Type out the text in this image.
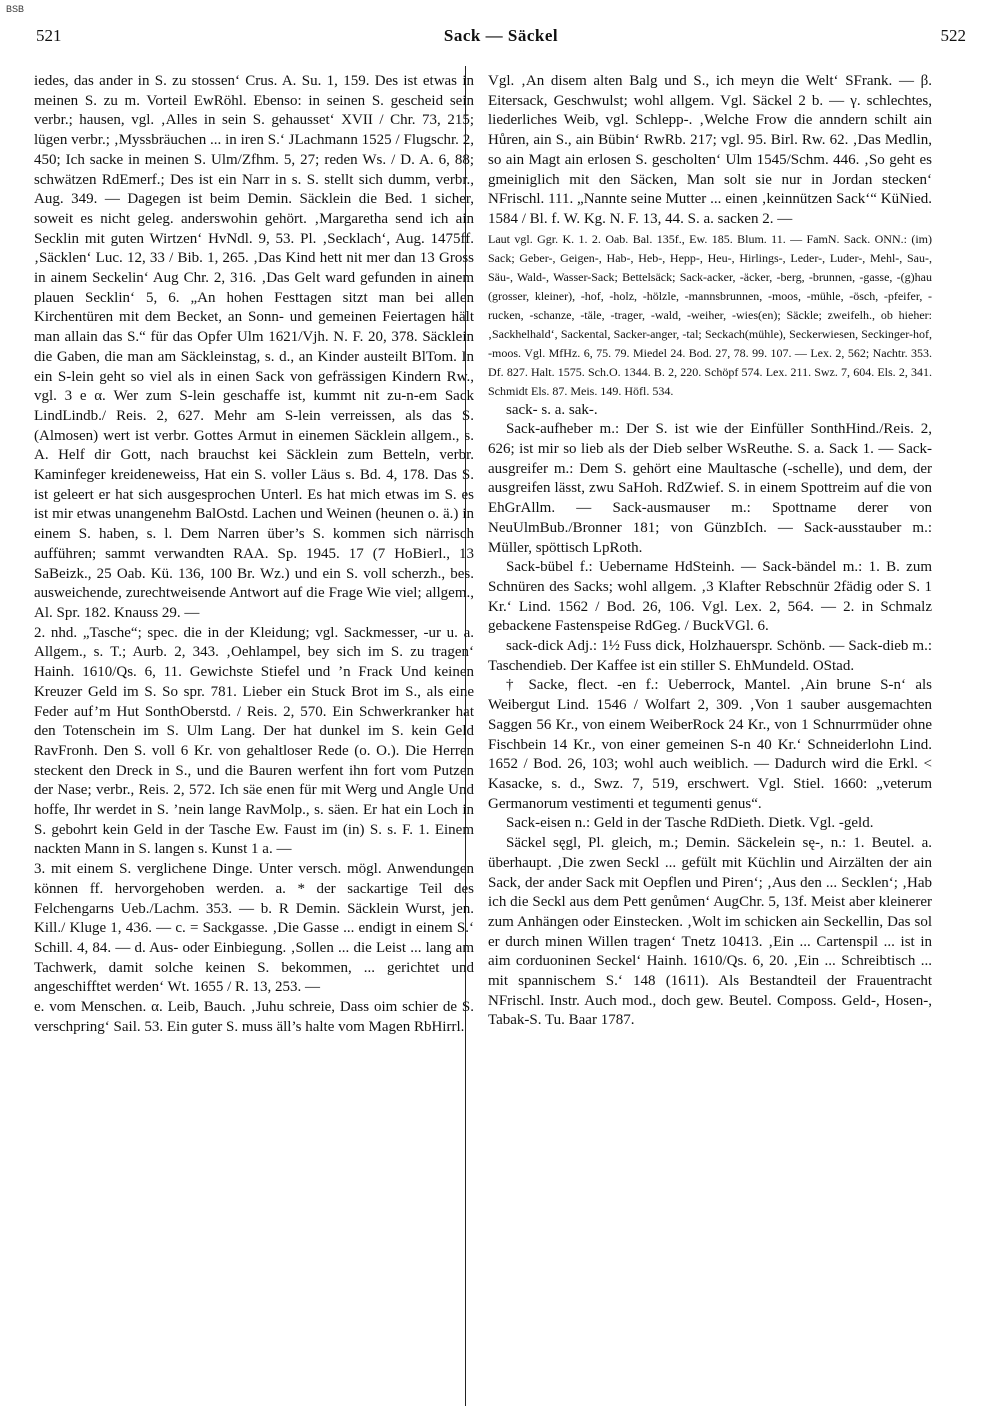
BSB
521	Sack — Säckel	522

iedes, das ander in S. zu stossen‘ Crus. A. Su. 1, 159. Des ist etwas in meinen S. zu m. Vorteil EwRöhl. Ebenso: in seinen S. gescheid sein verbr.; hausen, vgl. ‚Alles in sein S. gehausset‘ XVII / Chr. 73, 215; lügen verbr.; ‚Myssbräuchen ... in iren S.‘ JLachmann 1525 / Flugschr. 2, 450; Ich sacke in meinen S. Ulm/Zfhm. 5, 27; reden Ws. / D. A. 6, 88; schwätzen RdEmerf.; Des ist ein Narr in s. S. stellt sich dumm, verbr., Aug. 349. — Dagegen ist beim Demin. Säcklein die Bed. 1 sicher, soweit es nicht geleg. anderswohin gehört. ‚Margaretha send ich ain Secklin mit guten Wirtzen‘ HvNdl. 9, 53. Pl. ‚Secklach‘, Aug. 1475ff. ‚Säcklen‘ Luc. 12, 33 / Bib. 1, 265. ‚Das Kind hett nit mer dan 13 Gross in ainem Seckelin‘ Aug Chr. 2, 316. ‚Das Gelt ward gefunden in ainem plauen Secklin‘ 5, 6. „An hohen Festtagen sitzt man bei allen Kirchentüren mit dem Becket, an Sonn- und gemeinen Feiertagen hält man allain das S.“ für das Opfer Ulm 1621/Vjh. N. F. 20, 378. Säcklein die Gaben, die man am Säckleinstag, s. d., an Kinder austeilt BlTom. In ein S-lein geht so viel als in einen Sack von gefrässigen Kindern Rw., vgl. 3 e α. Wer zum S-lein geschaffe ist, kummt nit zu-n-em Sack LindLindb./ Reis. 2, 627. Mehr am S-lein verreissen, als das S. (Almosen) wert ist verbr. Gottes Armut in einemen Säcklein allgem., s. A. Helf dir Gott, nach brauchst kei Säcklein zum Betteln, verbr. Kaminfeger kreideneweiss, Hat ein S. voller Läus s. Bd. 4, 178. Das S. ist geleert er hat sich ausgesprochen Unterl. Es hat mich etwas im S. es ist mir etwas unangenehm BalOstd. Lachen und Weinen (heunen o. ä.) in einem S. haben, s. l. Dem Narren über’s S. kommen sich närrisch aufführen; sammt verwandten RAA. Sp. 1945. 17 (7 HoBierl., 13 SaBeizk., 25 Oab. Kü. 136, 100 Br. Wz.) und ein S. voll scherzh., bes. ausweichende, zurechtweisende Antwort auf die Frage Wie viel; allgem., Al. Spr. 182. Knauss 29. —

2. nhd. „Tasche“; spec. die in der Kleidung; vgl. Sackmesser, -ur u. a. Allgem., s. T.; Aurb. 2, 343. ‚Oehlampel, bey sich im S. zu tragen‘ Hainh. 1610/Qs. 6, 11. Gewichste Stiefel und ’n Frack Und keinen Kreuzer Geld im S. So spr. 781. Lieber ein Stuck Brot im S., als eine Feder auf’m Hut SonthOberstd. / Reis. 2, 570. Ein Schwerkranker hat den Totenschein im S. Ulm Lang. Der hat dunkel im S. kein Geld RavFronh. Den S. voll 6 Kr. von gehaltloser Rede (o. O.). Die Herren steckent den Dreck in S., und die Bauren werfent ihn fort vom Putzen der Nase; verbr., Reis. 2, 572. Ich säe enen für mit Werg und Angle Und hoffe, Ihr werdet in S. ’nein lange RavMolp., s. säen. Er hat ein Loch in S. gebohrt kein Geld in der Tasche Ew. Faust im (in) S. s. F. 1. Einem nackten Mann in S. langen s. Kunst 1 a. —

3. mit einem S. verglichene Dinge. Unter versch. mögl. Anwendungen können ff. hervorgehoben werden. a. * der sackartige Teil des Felchengarns Ueb./Lachm. 353. — b. R Demin. Säcklein Wurst, jen. Kill./ Kluge 1, 436. — c. = Sackgasse. ‚Die Gasse ... endigt in einem S.‘ Schill. 4, 84. — d. Aus- oder Einbiegung. ‚Sollen ... die Leist ... lang am Tachwerk, damit solche keinen S. bekommen, ... gerichtet und angeschifftet werden‘ Wt. 1655 / R. 13, 253. —

e. vom Menschen. α. Leib, Bauch. ‚Juhu schreie, Dass oim schier de S. verschpring‘ Sail. 53. Ein guter S. muss äll’s halte vom Magen RbHirrl.

Vgl. ‚An disem alten Balg und S., ich meyn die Welt‘ SFrank. — β. Eitersack, Geschwulst; wohl allgem. Vgl. Säckel 2 b. — γ. schlechtes, liederliches Weib, vgl. Schlepp-. ‚Welche Frow die anndern schilt ain Hůren, ain S., ain Bübin‘ RwRb. 217; vgl. 95. Birl. Rw. 62. ‚Das Medlin, so ain Magt ain erlosen S. gescholten‘ Ulm 1545/Schm. 446. ‚So geht es gmeiniglich mit den Säcken, Man solt sie nur in Jordan stecken‘ NFrischl. 111. „Nannte seine Mutter ... einen ‚keinnützen Sack‘“ KüNied. 1584 / Bl. f. W. Kg. N. F. 13, 44. S. a. sacken 2. —

Laut vgl. Ggr. K. 1. 2. Oab. Bal. 135f., Ew. 185. Blum. 11. — FamN. Sack. ONN.: (im) Sack; Geber-, Geigen-, Hab-, Heb-, Hepp-, Heu-, Hirlings-, Leder-, Luder-, Mehl-, Sau-, Säu-, Wald-, Wasser-Sack; Bettelsäck; Sack-acker, -äcker, -berg, -brunnen, -gasse, -(g)hau (grosser, kleiner), -hof, -holz, -hölzle, -mannsbrunnen, -moos, -mühle, -ösch, -pfeifer, -rucken, -schanze, -täle, -trager, -wald, -weiher, -wies(en); Säckle; zweifelh., ob hieher: ‚Sackhelhald‘, Sackental, Sacker-anger, -tal; Seckach(mühle), Seckerwiesen, Seckinger-hof, -moos. Vgl. MfHz. 6, 75. 79. Miedel 24. Bod. 27, 78. 99. 107. — Lex. 2, 562; Nachtr. 353. Df. 827. Halt. 1575. Sch.O. 1344. B. 2, 220. Schöpf 574. Lex. 211. Swz. 7, 604. Els. 2, 341. Schmidt Els. 87. Meis. 149. Höfl. 534.

sack- s. a. sak-.

Sack-aufheber m.: Der S. ist wie der Einfüller SonthHind./Reis. 2, 626; ist mir so lieb als der Dieb selber WsReuthe. S. a. Sack 1. — Sack-ausgreifer m.: Dem S. gehört eine Maultasche (-schelle), und dem, der ausgreifen lässt, zwu SaHoh. RdZwief. S. in einem Spottreim auf die von EhGrAllm. — Sack-ausmauser m.: Spottname derer von NeuUlmBub./Bronner 181; von GünzbIch. — Sack-ausstauber m.: Müller, spöttisch LpRoth.

Sack-bübel f.: Uebername HdSteinh. — Sack-bändel m.: 1. B. zum Schnüren des Sacks; wohl allgem. ‚3 Klafter Rebschnür 2fädig oder S. 1 Kr.‘ Lind. 1562 / Bod. 26, 106. Vgl. Lex. 2, 564. — 2. in Schmalz gebackene Fastenspeise RdGeg. / BuckVGl. 6.

sack-dick Adj.: 1½ Fuss dick, Holzhauerspr. Schönb. — Sack-dieb m.: Taschendieb. Der Kaffee ist ein stiller S. EhMundeld. OStad.

† Sacke, flect. -en f.: Ueberrock, Mantel. ‚Ain brune S-n‘ als Weibergut Lind. 1546 / Wolfart 2, 309. ‚Von 1 sauber ausgemachten Saggen 56 Kr., von einem WeiberRock 24 Kr., von 1 Schnurrmüder ohne Fischbein 14 Kr., von einer gemeinen S-n 40 Kr.‘ Schneiderlohn Lind. 1652 / Bod. 26, 103; wohl auch weiblich. — Dadurch wird die Erkl. < Kasacke, s. d., Swz. 7, 519, erschwert. Vgl. Stiel. 1660: „veterum Germanorum vestimenti et tegumenti genus“.

Sack-eisen n.: Geld in der Tasche RdDieth. Dietk. Vgl. -geld.

Säckel sęgl, Pl. gleich, m.; Demin. Säckelein sę-, n.: 1. Beutel. a. überhaupt. ‚Die zwen Seckl ... gefült mit Küchlin und Airzälten der ain Sack, der ander Sack mit Oepflen und Piren‘; ‚Aus den ... Secklen‘; ‚Hab ich die Seckl aus dem Pett genůmen‘ AugChr. 5, 13f. Meist aber kleinerer zum Anhängen oder Einstecken. ‚Wolt im schicken ain Seckellin, Das sol er durch minen Willen tragen‘ Tnetz 10413. ‚Ein ... Cartenspil ... ist in aim corduoninen Seckel‘ Hainh. 1610/Qs. 6, 20. ‚Ein ... Schreibtisch ... mit spannischem S.‘ 148 (1611). Als Bestandteil der Frauentracht NFrischl. Instr. Auch mod., doch gew. Beutel. Composs. Geld-, Hosen-, Tabak-S. Tu. Baar 1787.
